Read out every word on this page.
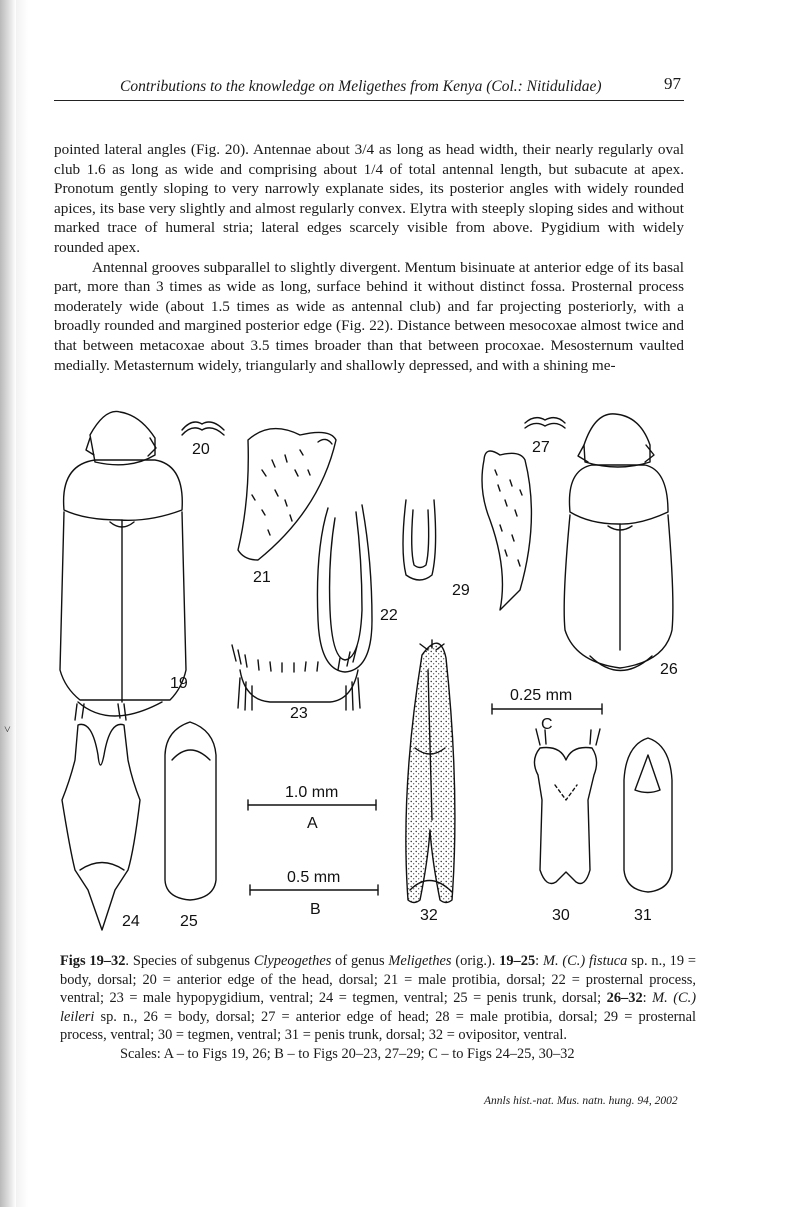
˅
Contributions to the knowledge on Meligethes from Kenya (Col.: Nitidulidae)	97

pointed lateral angles (Fig. 20). Antennae about 3/4 as long as head width, their nearly regularly oval club 1.6 as long as wide and comprising about 1/4 of total antennal length, but subacute at apex. Pronotum gently sloping to very narrowly explanate sides, its posterior angles with widely rounded apices, its base very slightly and almost regularly convex. Elytra with steeply sloping sides and without marked trace of humeral stria; lateral edges scarcely visible from above. Pygidium with widely rounded apex.

Antennal grooves subparallel to slightly divergent. Mentum bisinuate at anterior edge of its basal part, more than 3 times as wide as long, surface behind it without distinct fossa. Prosternal process moderately wide (about 1.5 times as wide as antennal club) and far projecting posteriorly, with a broadly rounded and margined posterior edge (Fig. 22). Distance between mesocoxae almost twice and that between metacoxae about 3.5 times broader than that between procoxae. Mesosternum vaulted medially. Metasternum widely, triangularly and shallowly depressed, and with a shining me-

19
20
21
22
29
27
26
23
32
0.25 mm
C
24	25
1.0 mm
A
0.5 mm
B	30	31
Figs 19–32. Species of subgenus Clypeogethes of genus Meligethes (orig.). 19–25: M. (C.) fistuca sp. n., 19 = body, dorsal; 20 = anterior edge of the head, dorsal; 21 = male protibia, dorsal; 22 = prosternal process, ventral; 23 = male hypopygidium, ventral; 24 = tegmen, ventral; 25 = penis trunk, dorsal; 26–32: M. (C.) leileri sp. n., 26 = body, dorsal; 27 = anterior edge of head; 28 = male protibia, dorsal; 29 = prosternal process, ventral; 30 = tegmen, ventral; 31 = penis trunk, dorsal; 32 = ovipositor, ventral.
Scales: A – to Figs 19, 26; B – to Figs 20–23, 27–29; C – to Figs 24–25, 30–32
Annls hist.-nat. Mus. natn. hung. 94, 2002
